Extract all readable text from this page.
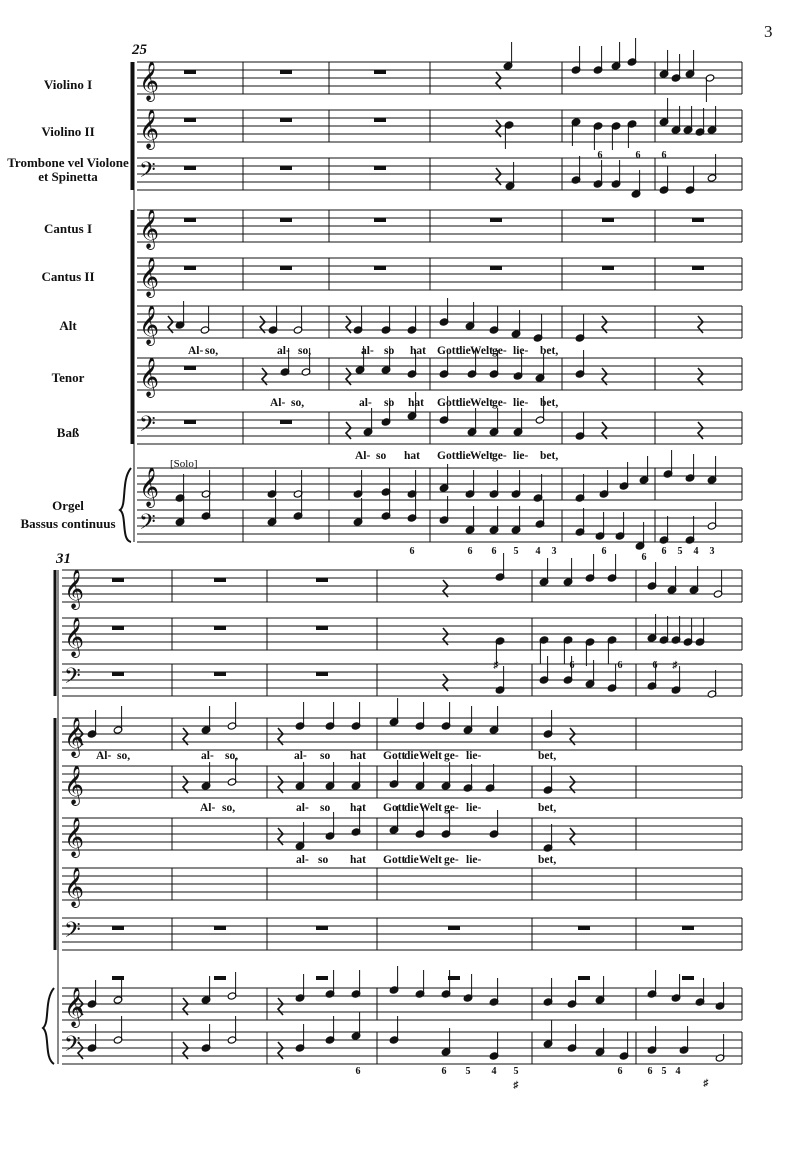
3
25
31
Violino I
Violino II
Trombone vel Violone et Spinetta
Cantus I
Cantus II
Alt
Tenor
Baß
Orgel
Bassus continuus
[Solo]
𝄞
𝄞
𝄢
𝄞
𝄞
𝄞
𝄞
𝄢
𝄞
𝄢
𝄞
𝄞
𝄢
𝄞
𝄞
𝄞
𝄞
𝄢
𝄞
𝄢
Al- so,	al- so,	al- so hat Gott
die Welt ge- lie- bet,
Al- so,	al- so hat Gott
die Welt ge- lie- bet,
Al- so hat Gott
die Welt ge- lie- bet,
6	6	6
6	6	6	5	4	3	6
6
6	5	4	3
Al- so,	al- so,	al- so hat Gott
die Welt ge- lie-	bet,
Al- so,	al- so hat Gott
die Welt ge- lie-	bet,
al- so hat Gott
die Welt ge- lie-	bet,
♯	6	6	6	♯
6	6	5	4	5
♯
6	6 5 4
♯
